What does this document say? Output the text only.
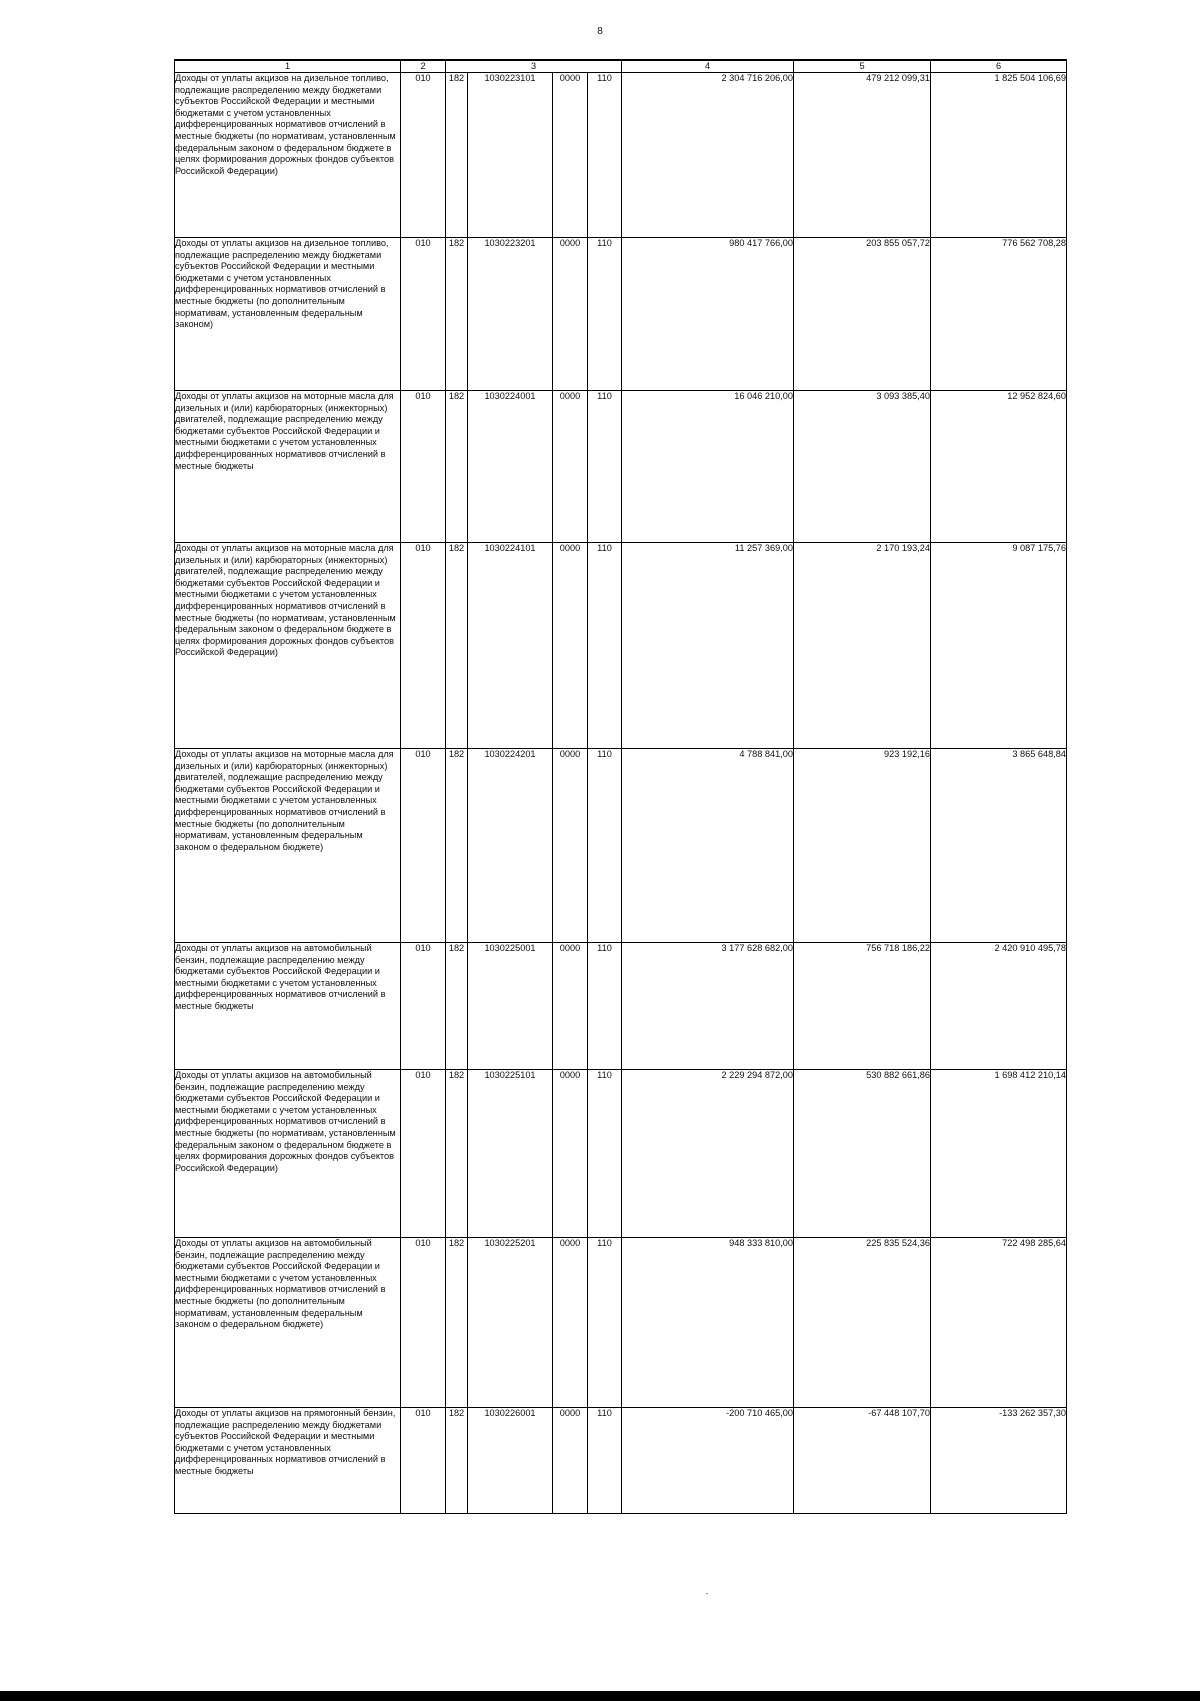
8
1	2	3				4	5	6
Доходы от уплаты акцизов на дизельное топливо, подлежащие распределению между бюджетами субъектов Российской Федерации и местными бюджетами с учетом установленных дифференцированных нормативов отчислений в местные бюджеты (по нормативам, установленным федеральным законом о федеральном бюджете в целях формирования дорожных фондов субъектов Российской Федерации)	010	182	1030223101	0000	110	2 304 716 206,00	479 212 099,31	1 825 504 106,69
Доходы от уплаты акцизов на дизельное топливо, подлежащие распределению между бюджетами субъектов Российской Федерации и местными бюджетами с учетом установленных дифференцированных нормативов отчислений в местные бюджеты (по дополнительным нормативам, установленным федеральным законом)	010	182	1030223201	0000	110	980 417 766,00	203 855 057,72	776 562 708,28
Доходы от уплаты акцизов на моторные масла для дизельных и (или) карбюраторных (инжекторных) двигателей, подлежащие распределению между бюджетами субъектов Российской Федерации и местными бюджетами с учетом установленных дифференцированных нормативов отчислений в местные бюджеты	010	182	1030224001	0000	110	16 046 210,00	3 093 385,40	12 952 824,60
Доходы от уплаты акцизов на моторные масла для дизельных и (или) карбюраторных (инжекторных) двигателей, подлежащие распределению между бюджетами субъектов Российской Федерации и местными бюджетами с учетом установленных дифференцированных нормативов отчислений в местные бюджеты (по нормативам, установленным федеральным законом о федеральном бюджете в целях формирования дорожных фондов субъектов Российской Федерации)	010	182	1030224101	0000	110	11 257 369,00	2 170 193,24	9 087 175,76
Доходы от уплаты акцизов на моторные масла для дизельных и (или) карбюраторных (инжекторных) двигателей, подлежащие распределению между бюджетами субъектов Российской Федерации и местными бюджетами с учетом установленных дифференцированных нормативов отчислений в местные бюджеты (по дополнительным нормативам, установленным федеральным законом о федеральном бюджете)	010	182	1030224201	0000	110	4 788 841,00	923 192,16	3 865 648,84
Доходы от уплаты акцизов на автомобильный бензин, подлежащие распределению между бюджетами субъектов Российской Федерации и местными бюджетами с учетом установленных дифференцированных нормативов отчислений в местные бюджеты	010	182	1030225001	0000	110	3 177 628 682,00	756 718 186,22	2 420 910 495,78
Доходы от уплаты акцизов на автомобильный бензин, подлежащие распределению между бюджетами субъектов Российской Федерации и местными бюджетами с учетом установленных дифференцированных нормативов отчислений в местные бюджеты (по нормативам, установленным федеральным законом о федеральном бюджете в целях формирования дорожных фондов субъектов Российской Федерации)	010	182	1030225101	0000	110	2 229 294 872,00	530 882 661,86	1 698 412 210,14
Доходы от уплаты акцизов на автомобильный бензин, подлежащие распределению между бюджетами субъектов Российской Федерации и местными бюджетами с учетом установленных дифференцированных нормативов отчислений в местные бюджеты (по дополнительным нормативам, установленным федеральным законом о федеральном бюджете)	010	182	1030225201	0000	110	948 333 810,00	225 835 524,36	722 498 285,64
Доходы от уплаты акцизов на прямогонный бензин, подлежащие распределению между бюджетами субъектов Российской Федерации и местными бюджетами с учетом установленных дифференцированных нормативов отчислений в местные бюджеты	010	182	1030226001	0000	110	-200 710 465,00	-67 448 107,70	-133 262 357,30
